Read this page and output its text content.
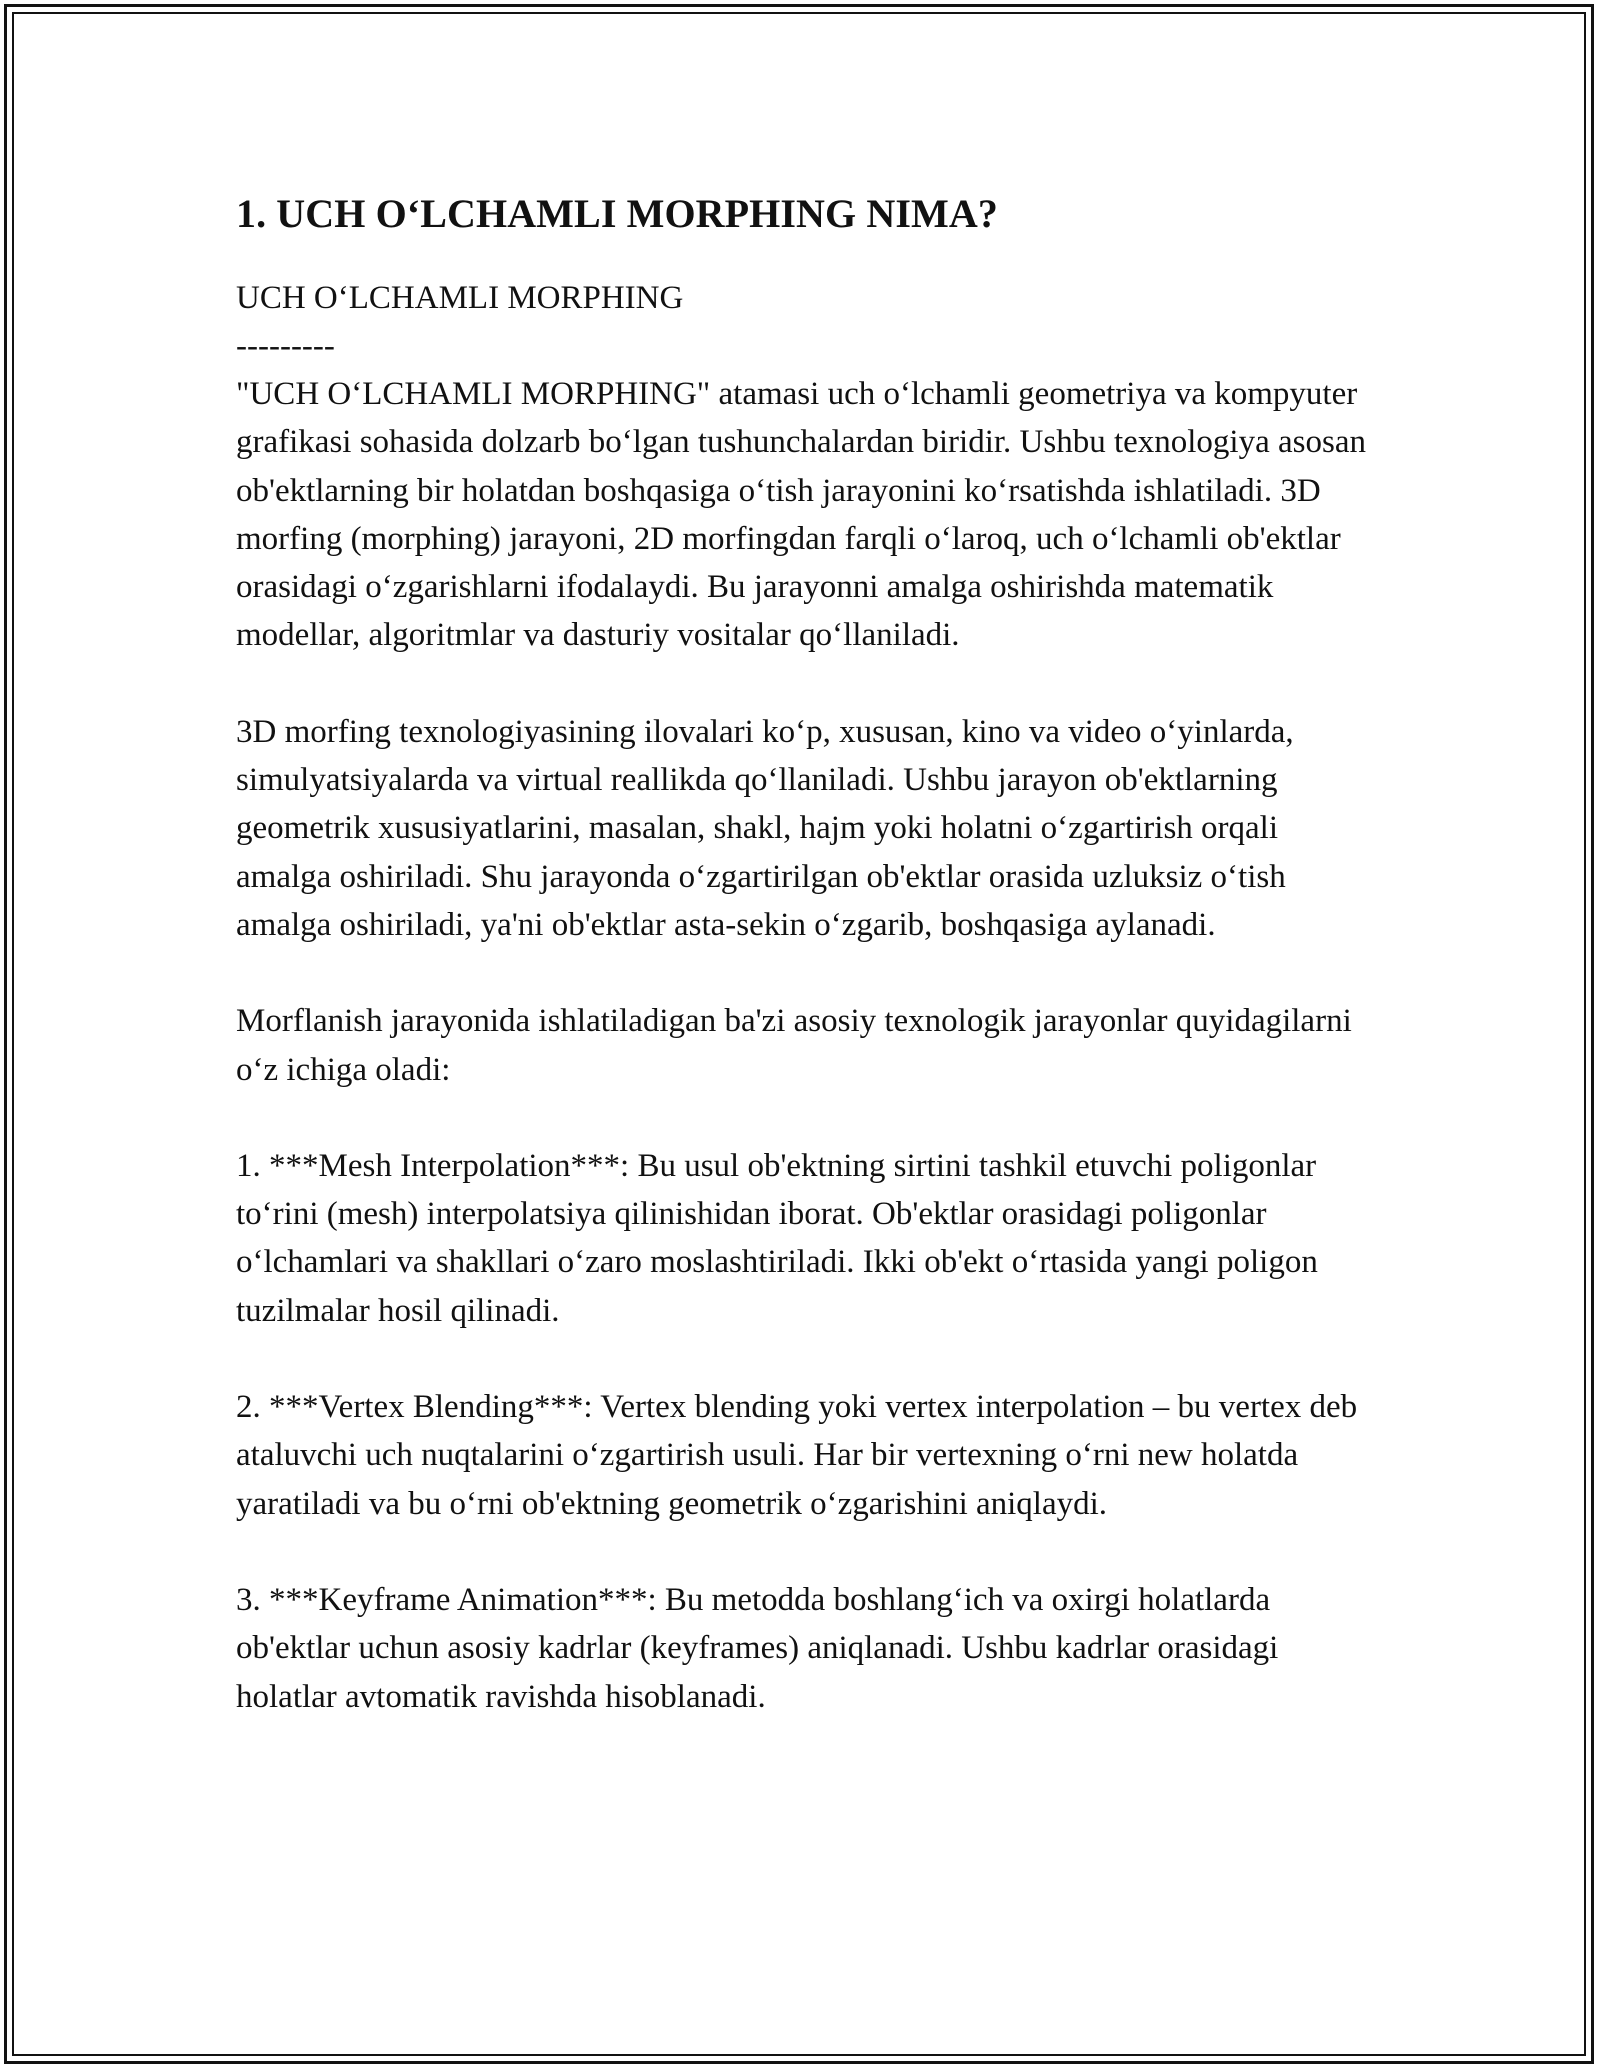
1. UCH O‘LCHAMLI MORPHING NIMA?
UCH O‘LCHAMLI MORPHING
---------

"UCH O‘LCHAMLI MORPHING" atamasi uch o‘lchamli geometriya va kompyuter grafikasi sohasida dolzarb bo‘lgan tushunchalardan biridir. Ushbu texnologiya asosan ob'ektlarning bir holatdan boshqasiga o‘tish jarayonini ko‘rsatishda ishlatiladi. 3D morfing (morphing) jarayoni, 2D morfingdan farqli o‘laroq, uch o‘lchamli ob'ektlar orasidagi o‘zgarishlarni ifodalaydi. Bu jarayonni amalga oshirishda matematik modellar, algoritmlar va dasturiy vositalar qo‘llaniladi.

3D morfing texnologiyasining ilovalari ko‘p, xususan, kino va video o‘yinlarda, simulyatsiyalarda va virtual reallikda qo‘llaniladi. Ushbu jarayon ob'ektlarning geometrik xususiyatlarini, masalan, shakl, hajm yoki holatni o‘zgartirish orqali amalga oshiriladi. Shu jarayonda o‘zgartirilgan ob'ektlar orasida uzluksiz o‘tish amalga oshiriladi, ya'ni ob'ektlar asta-sekin o‘zgarib, boshqasiga aylanadi.

Morflanish jarayonida ishlatiladigan ba'zi asosiy texnologik jarayonlar quyidagilarni o‘z ichiga oladi:

1. ***Mesh Interpolation***: Bu usul ob'ektning sirtini tashkil etuvchi poligonlar to‘rini (mesh) interpolatsiya qilinishidan iborat. Ob'ektlar orasidagi poligonlar o‘lchamlari va shakllari o‘zaro moslashtiriladi. Ikki ob'ekt o‘rtasida yangi poligon tuzilmalar hosil qilinadi.

2. ***Vertex Blending***: Vertex blending yoki vertex interpolation – bu vertex deb ataluvchi uch nuqtalarini o‘zgartirish usuli. Har bir vertexning o‘rni new holatda yaratiladi va bu o‘rni ob'ektning geometrik o‘zgarishini aniqlaydi.

3. ***Keyframe Animation***: Bu metodda boshlang‘ich va oxirgi holatlarda ob'ektlar uchun asosiy kadrlar (keyframes) aniqlanadi. Ushbu kadrlar orasidagi holatlar avtomatik ravishda hisoblanadi.
